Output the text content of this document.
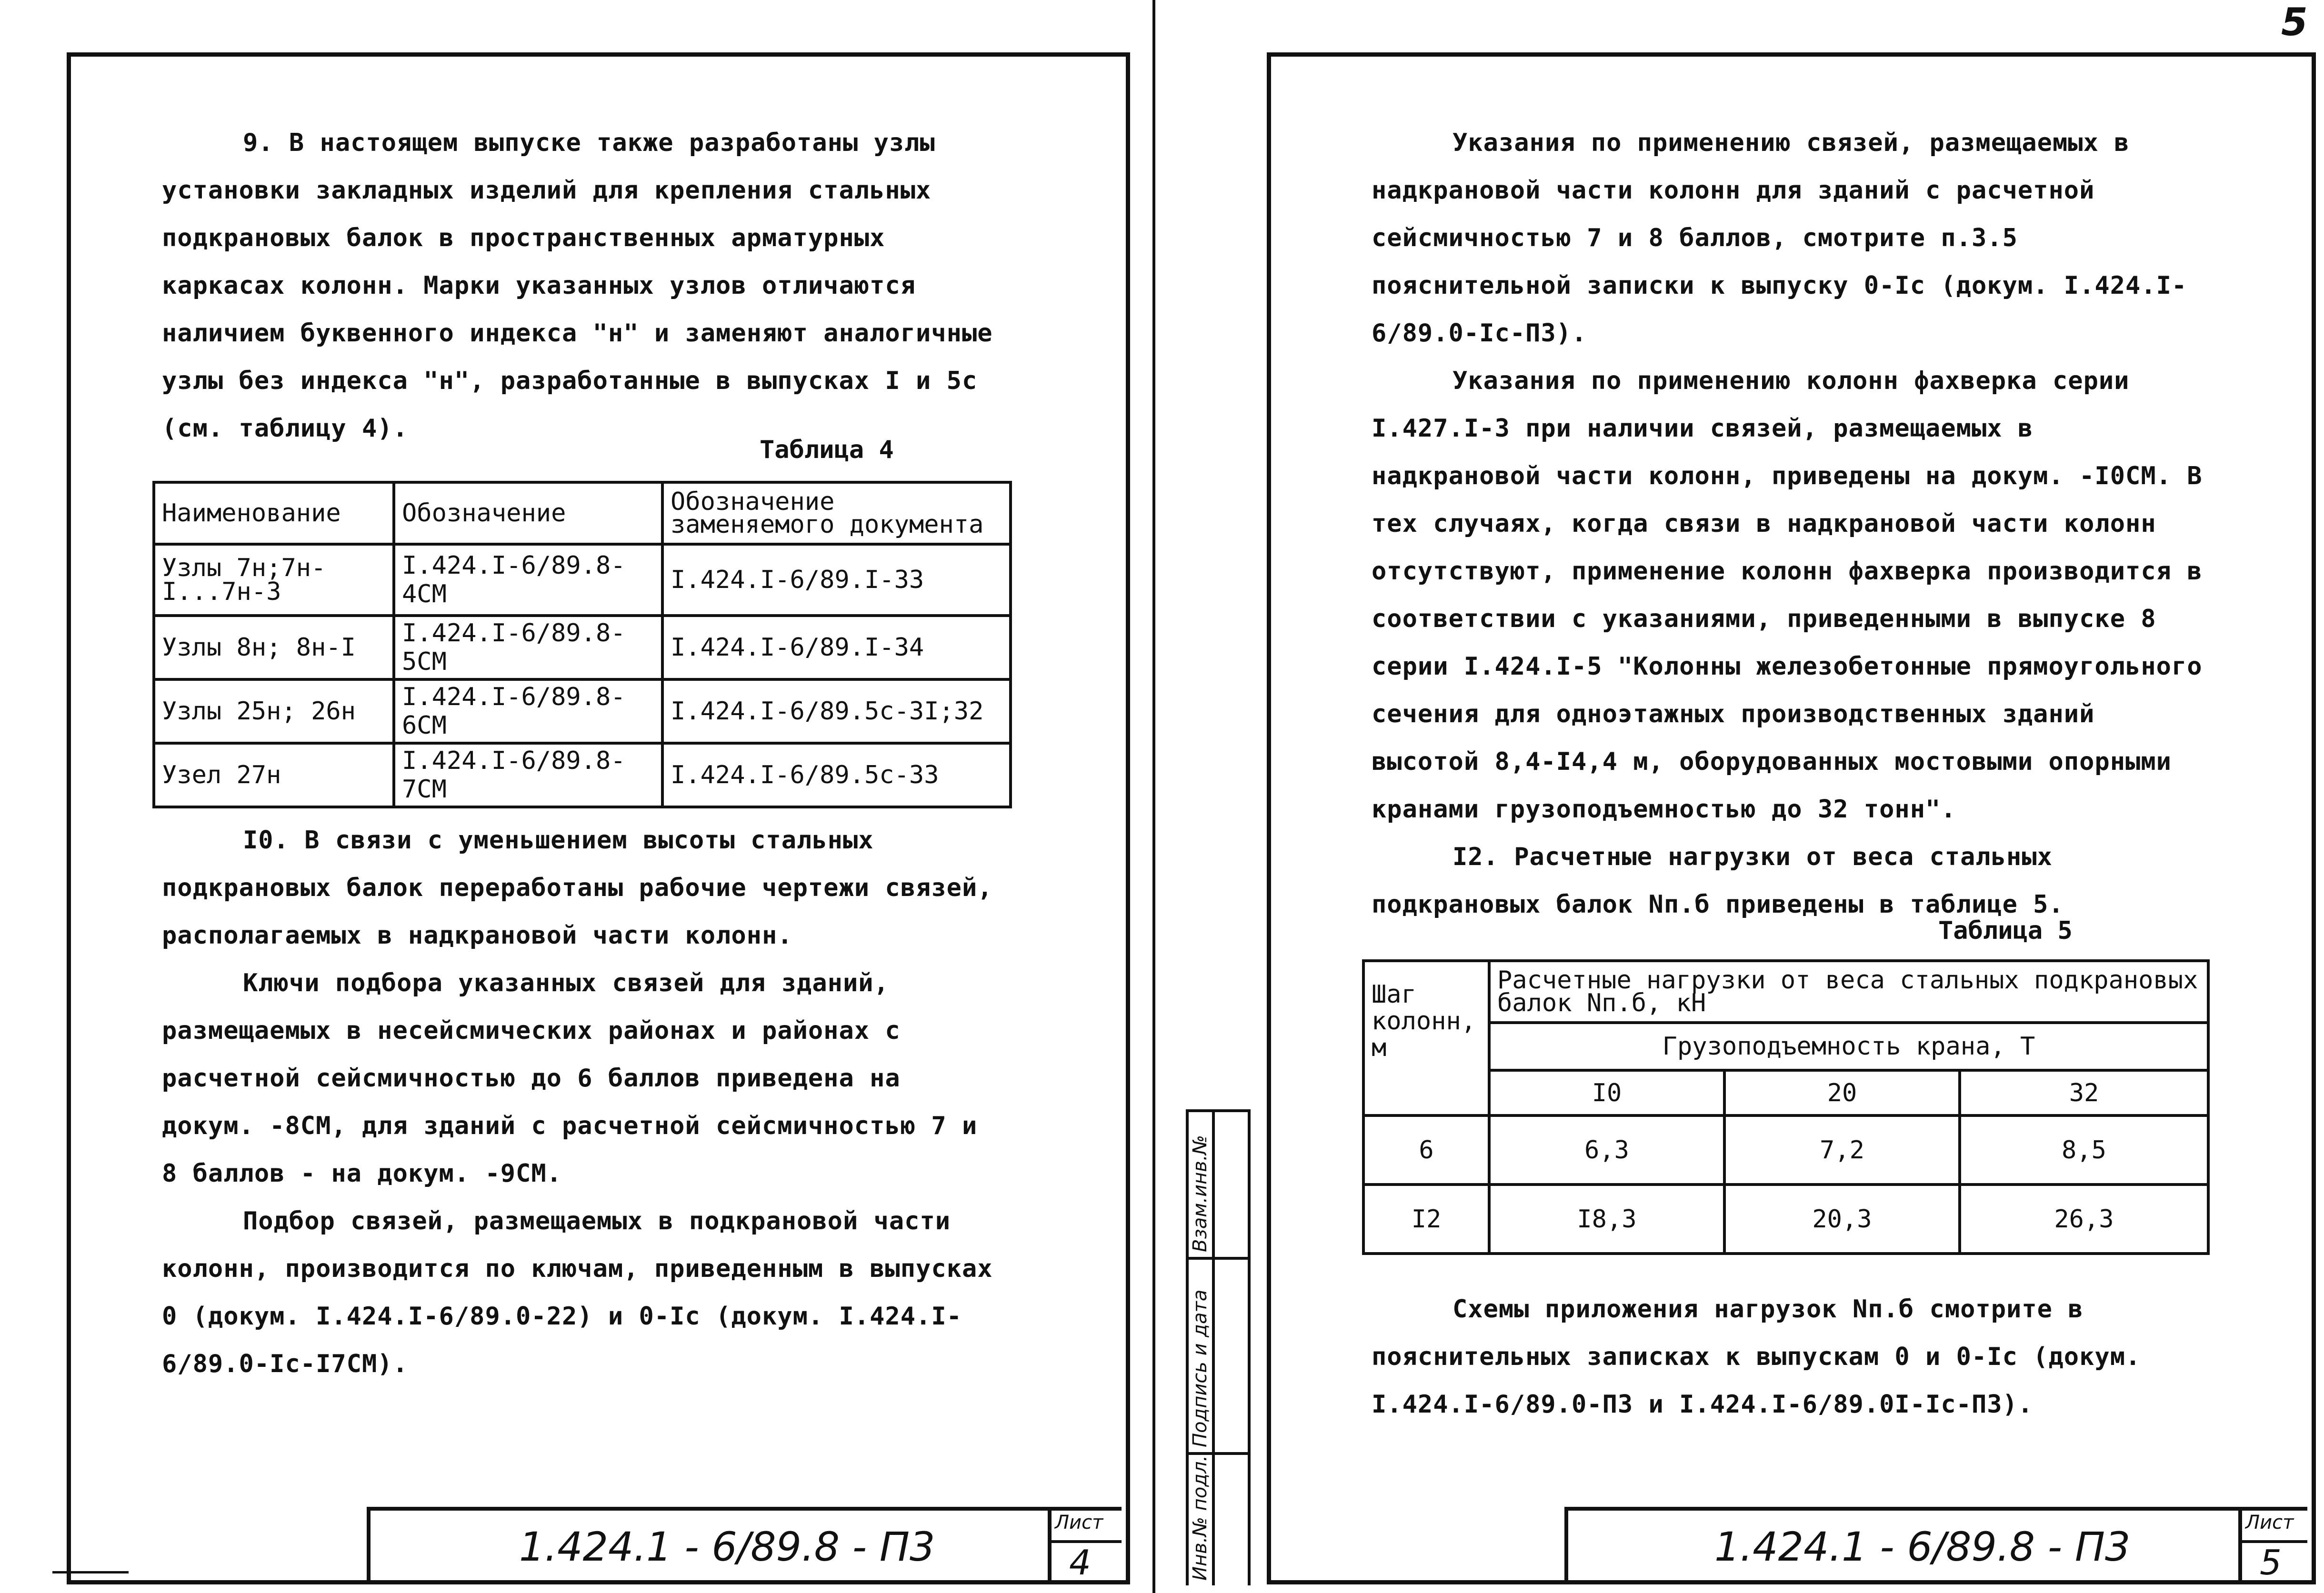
5

9. В настоящем выпуске также разработаны узлы установки закладных изделий для крепления стальных подкрановых балок в пространственных арматурных каркасах колонн. Марки указанных узлов отличаются наличием буквенного индекса "н" и заменяют аналогичные узлы без индекса "н", разработанные в выпусках I и 5с (см. таблицу 4).

Таблица 4
Наименование	Обозначение	Обозначение заменяемого документа
Узлы 7н;7н-I...7н-3	I.424.I-6/89.8-4СМ	I.424.I-6/89.I-33
Узлы 8н; 8н-I	I.424.I-6/89.8-5СМ	I.424.I-6/89.I-34
Узлы 25н; 26н	I.424.I-6/89.8-6СМ	I.424.I-6/89.5с-3I;32
Узел 27н	I.424.I-6/89.8-7СМ	I.424.I-6/89.5с-33

I0. В связи с уменьшением высоты стальных подкрановых балок переработаны рабочие чертежи связей, располагаемых в надкрановой части колонн.

Ключи подбора указанных связей для зданий, размещаемых в несейсмических районах и районах с расчетной сейсмичностью до 6 баллов приведена на докум. -8СМ, для зданий с расчетной сейсмичностью 7 и 8 баллов - на докум. -9СМ.

Подбор связей, размещаемых в подкрановой части колонн, производится по ключам, приведенным в выпусках 0 (докум. I.424.I-6/89.0-22) и 0-Iс (докум. I.424.I-6/89.0-Iс-I7СМ).

1.424.1 - 6/89.8 - П3
Лист
4	Инв.№ подл.
Подпись и дата
Взам.инв.№

Указания по применению связей, размещаемых в надкрановой части колонн для зданий с расчетной сейсмичностью 7 и 8 баллов, смотрите п.3.5 пояснительной записки к выпуску 0-Iс (докум. I.424.I-6/89.0-Iс-П3).

Указания по применению колонн фахверка серии I.427.I-3 при наличии связей, размещаемых в надкрановой части колонн, приведены на докум. -I0СМ. В тех случаях, когда связи в надкрановой части колонн отсутствуют, применение колонн фахверка производится в соответствии с указаниями, приведенными в выпуске 8 серии I.424.I-5 "Колонны железобетонные прямоугольного сечения для одноэтажных производственных зданий высотой 8,4-I4,4 м, оборудованных мостовыми опорными кранами грузоподъемностью до 32 тонн".

I2. Расчетные нагрузки от веса стальных подкрановых балок Nп.б приведены в таблице 5.

Таблица 5
Шаг колонн, м	Расчетные нагрузки от веса стальных подкрановых балок Nп.б, кН		
	Грузоподъемность крана, Т		
	I0	20	32
6	6,3	7,2	8,5
I2	I8,3	20,3	26,3

Схемы приложения нагрузок Nп.б смотрите в пояснительных записках к выпускам 0 и 0-Iс (докум. I.424.I-6/89.0-П3 и I.424.I-6/89.0I-Iс-П3).

1.424.1 - 6/89.8 - П3
Лист
5
